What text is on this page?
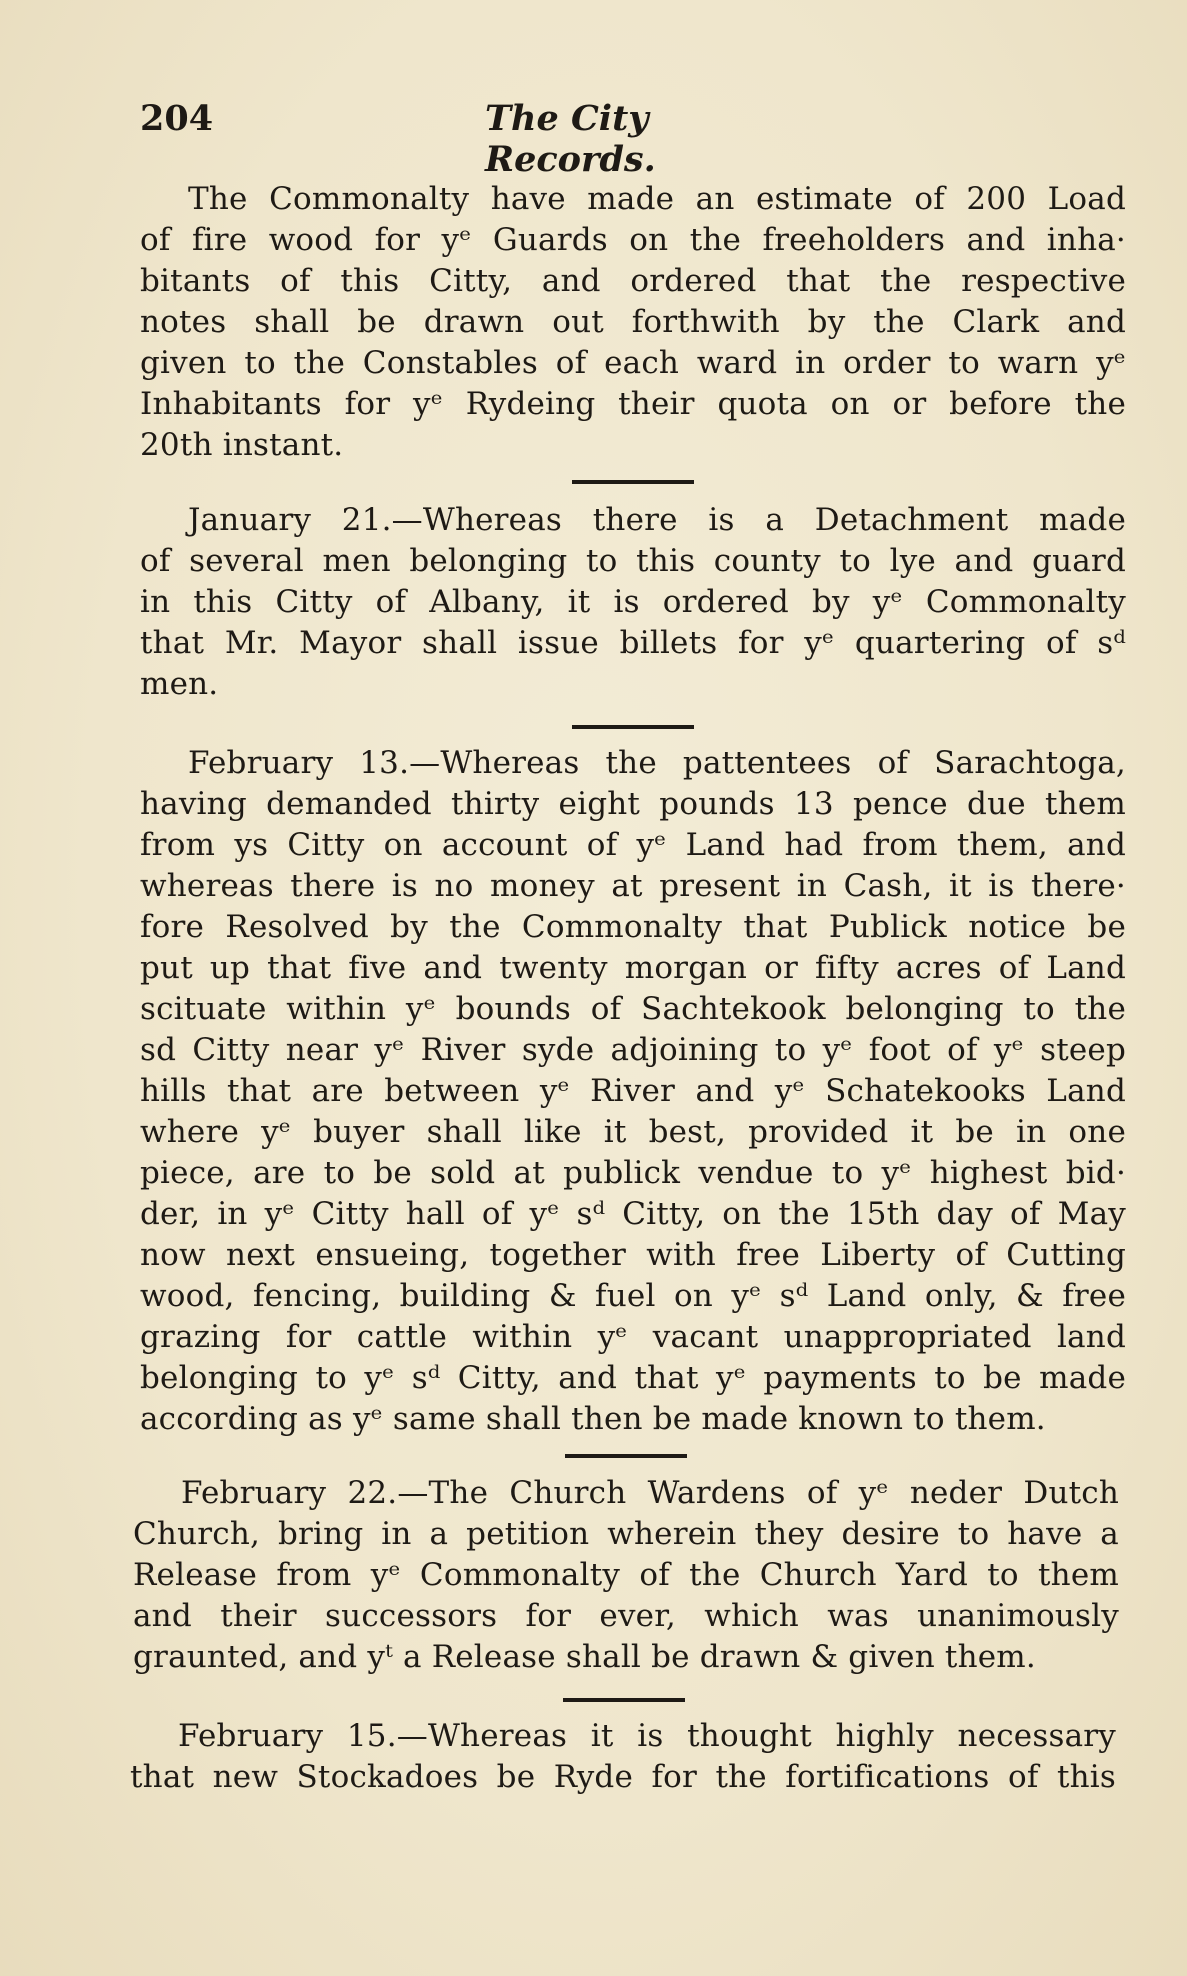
204	The City Records.
The Commonalty have made an estimate of 200 Load
of fire wood for yᵉ Guards on the freeholders and inha·
bitants of this Citty, and ordered that the respective
notes shall be drawn out forthwith by the Clark and
given to the Constables of each ward in order to warn yᵉ
Inhabitants for yᵉ Rydeing their quota on or before the
20th instant.
January 21.—Whereas there is a Detachment made
of several men belonging to this county to lye and guard
in this Citty of Albany, it is ordered by yᵉ Commonalty
that Mr. Mayor shall issue billets for yᵉ quartering of sᵈ
men.
February 13.—Whereas the pattentees of Sarachtoga,
having demanded thirty eight pounds 13 pence due them
from ys Citty on account of yᵉ Land had from them, and
whereas there is no money at present in Cash, it is there·
fore Resolved by the Commonalty that Publick notice be
put up that five and twenty morgan or fifty acres of Land
scituate within yᵉ bounds of Sachtekook belonging to the
sd Citty near yᵉ River syde adjoining to yᵉ foot of yᵉ steep
hills that are between yᵉ River and yᵉ Schatekooks Land
where yᵉ buyer shall like it best, provided it be in one
piece, are to be sold at publick vendue to yᵉ highest bid·
der, in yᵉ Citty hall of yᵉ sᵈ Citty, on the 15th day of May
now next ensueing, together with free Liberty of Cutting
wood, fencing, building & fuel on yᵉ sᵈ Land only, & free
grazing for cattle within yᵉ vacant unappropriated land
belonging to yᵉ sᵈ Citty, and that yᵉ payments to be made
according as yᵉ same shall then be made known to them.
February 22.—The Church Wardens of yᵉ neder Dutch
Church, bring in a petition wherein they desire to have a
Release from yᵉ Commonalty of the Church Yard to them
and their successors for ever, which was unanimously
graunted, and yᵗ a Release shall be drawn & given them.
February 15.—Whereas it is thought highly necessary
that new Stockadoes be Ryde for the fortifications of this
